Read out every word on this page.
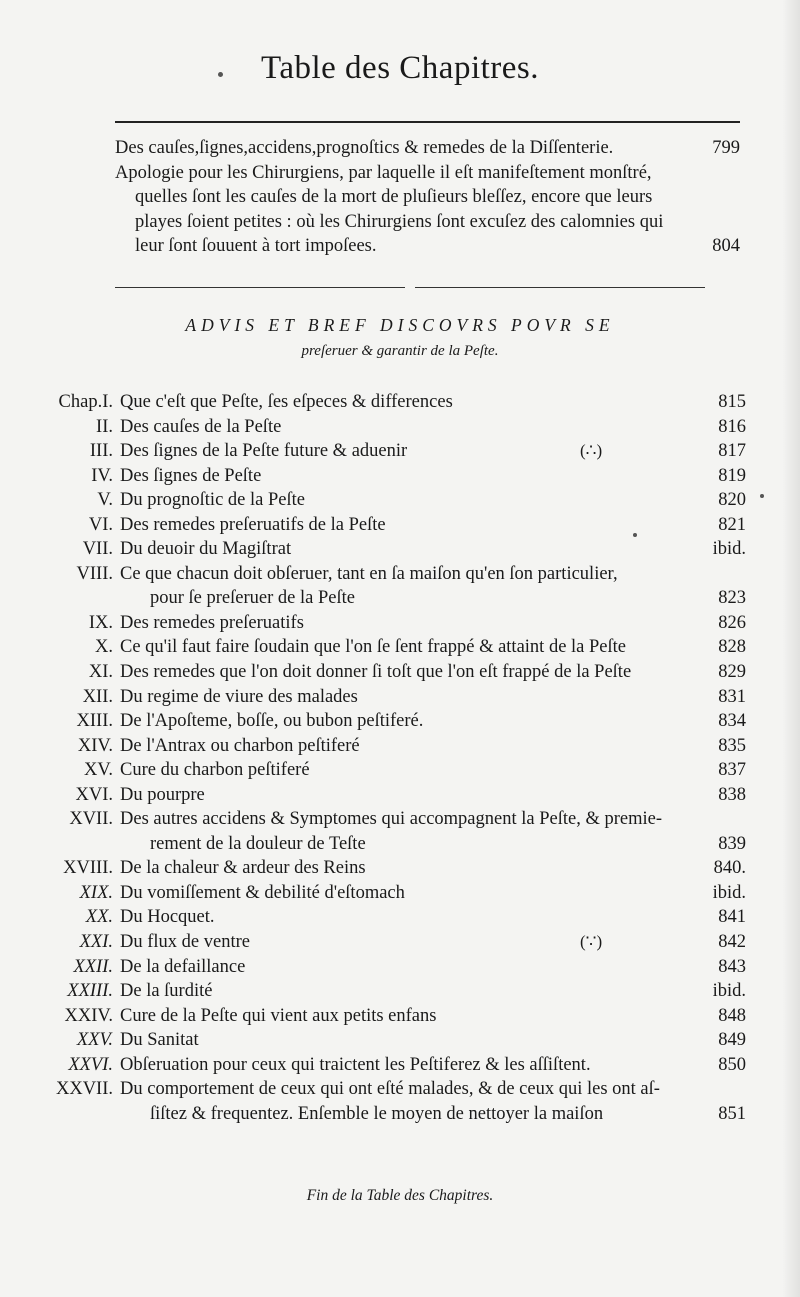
Table des Chapitres.
Des cauſes,ſignes,accidens,prognoſtics & remedes de la Diſſenterie.	799
Apologie pour les Chirurgiens, par laquelle il eſt manifeſtement monſtré,
quelles ſont les cauſes de la mort de pluſieurs bleſſez, encore que leurs
playes ſoient petites : où les Chirurgiens ſont excuſez des calomnies qui
leur ſont ſouuent à tort impoſees.	804
ADVIS ET BREF DISCOVRS POVR SE
preſeruer & garantir de la Peſte.
Chap.I. Que c'eſt que Peſte, ſes eſpeces & differences	815
II. Des cauſes de la Peſte	816
III. Des ſignes de la Peſte future & aduenir	(∴)	817
IV. Des ſignes de Peſte	819
V. Du prognoſtic de la Peſte	820
VI. Des remedes preſeruatifs de la Peſte	821
VII. Du deuoir du Magiſtrat	ibid.
VIII. Ce que chacun doit obſeruer, tant en ſa maiſon qu'en ſon particulier,
pour ſe preſeruer de la Peſte	823
IX. Des remedes preſeruatifs	826
X. Ce qu'il faut faire ſoudain que l'on ſe ſent frappé & attaint de la Peſte	828
XI. Des remedes que l'on doit donner ſi toſt que l'on eſt frappé de la Peſte	829
XII. Du regime de viure des malades	831
XIII. De l'Apoſteme, boſſe, ou bubon peſtiferé.	834
XIV. De l'Antrax ou charbon peſtiferé	835
XV. Cure du charbon peſtiferé	837
XVI. Du pourpre	838
XVII. Des autres accidens & Symptomes qui accompagnent la Peſte, & premie-
rement de la douleur de Teſte	839
XVIII. De la chaleur & ardeur des Reins	840.
XIX. Du vomiſſement & debilité d'eſtomach	ibid.
XX. Du Hocquet.	841
XXI. Du flux de ventre	(∵)	842
XXII. De la defaillance	843
XXIII. De la ſurdité	ibid.
XXIV. Cure de la Peſte qui vient aux petits enfans	848
XXV. Du Sanitat	849
XXVI. Obſeruation pour ceux qui traictent les Peſtiferez & les aſſiſtent.	850
XXVII. Du comportement de ceux qui ont eſté malades, & de ceux qui les ont aſ-
ſiſtez & frequentez. Enſemble le moyen de nettoyer la maiſon	851
Fin de la Table des Chapitres.
